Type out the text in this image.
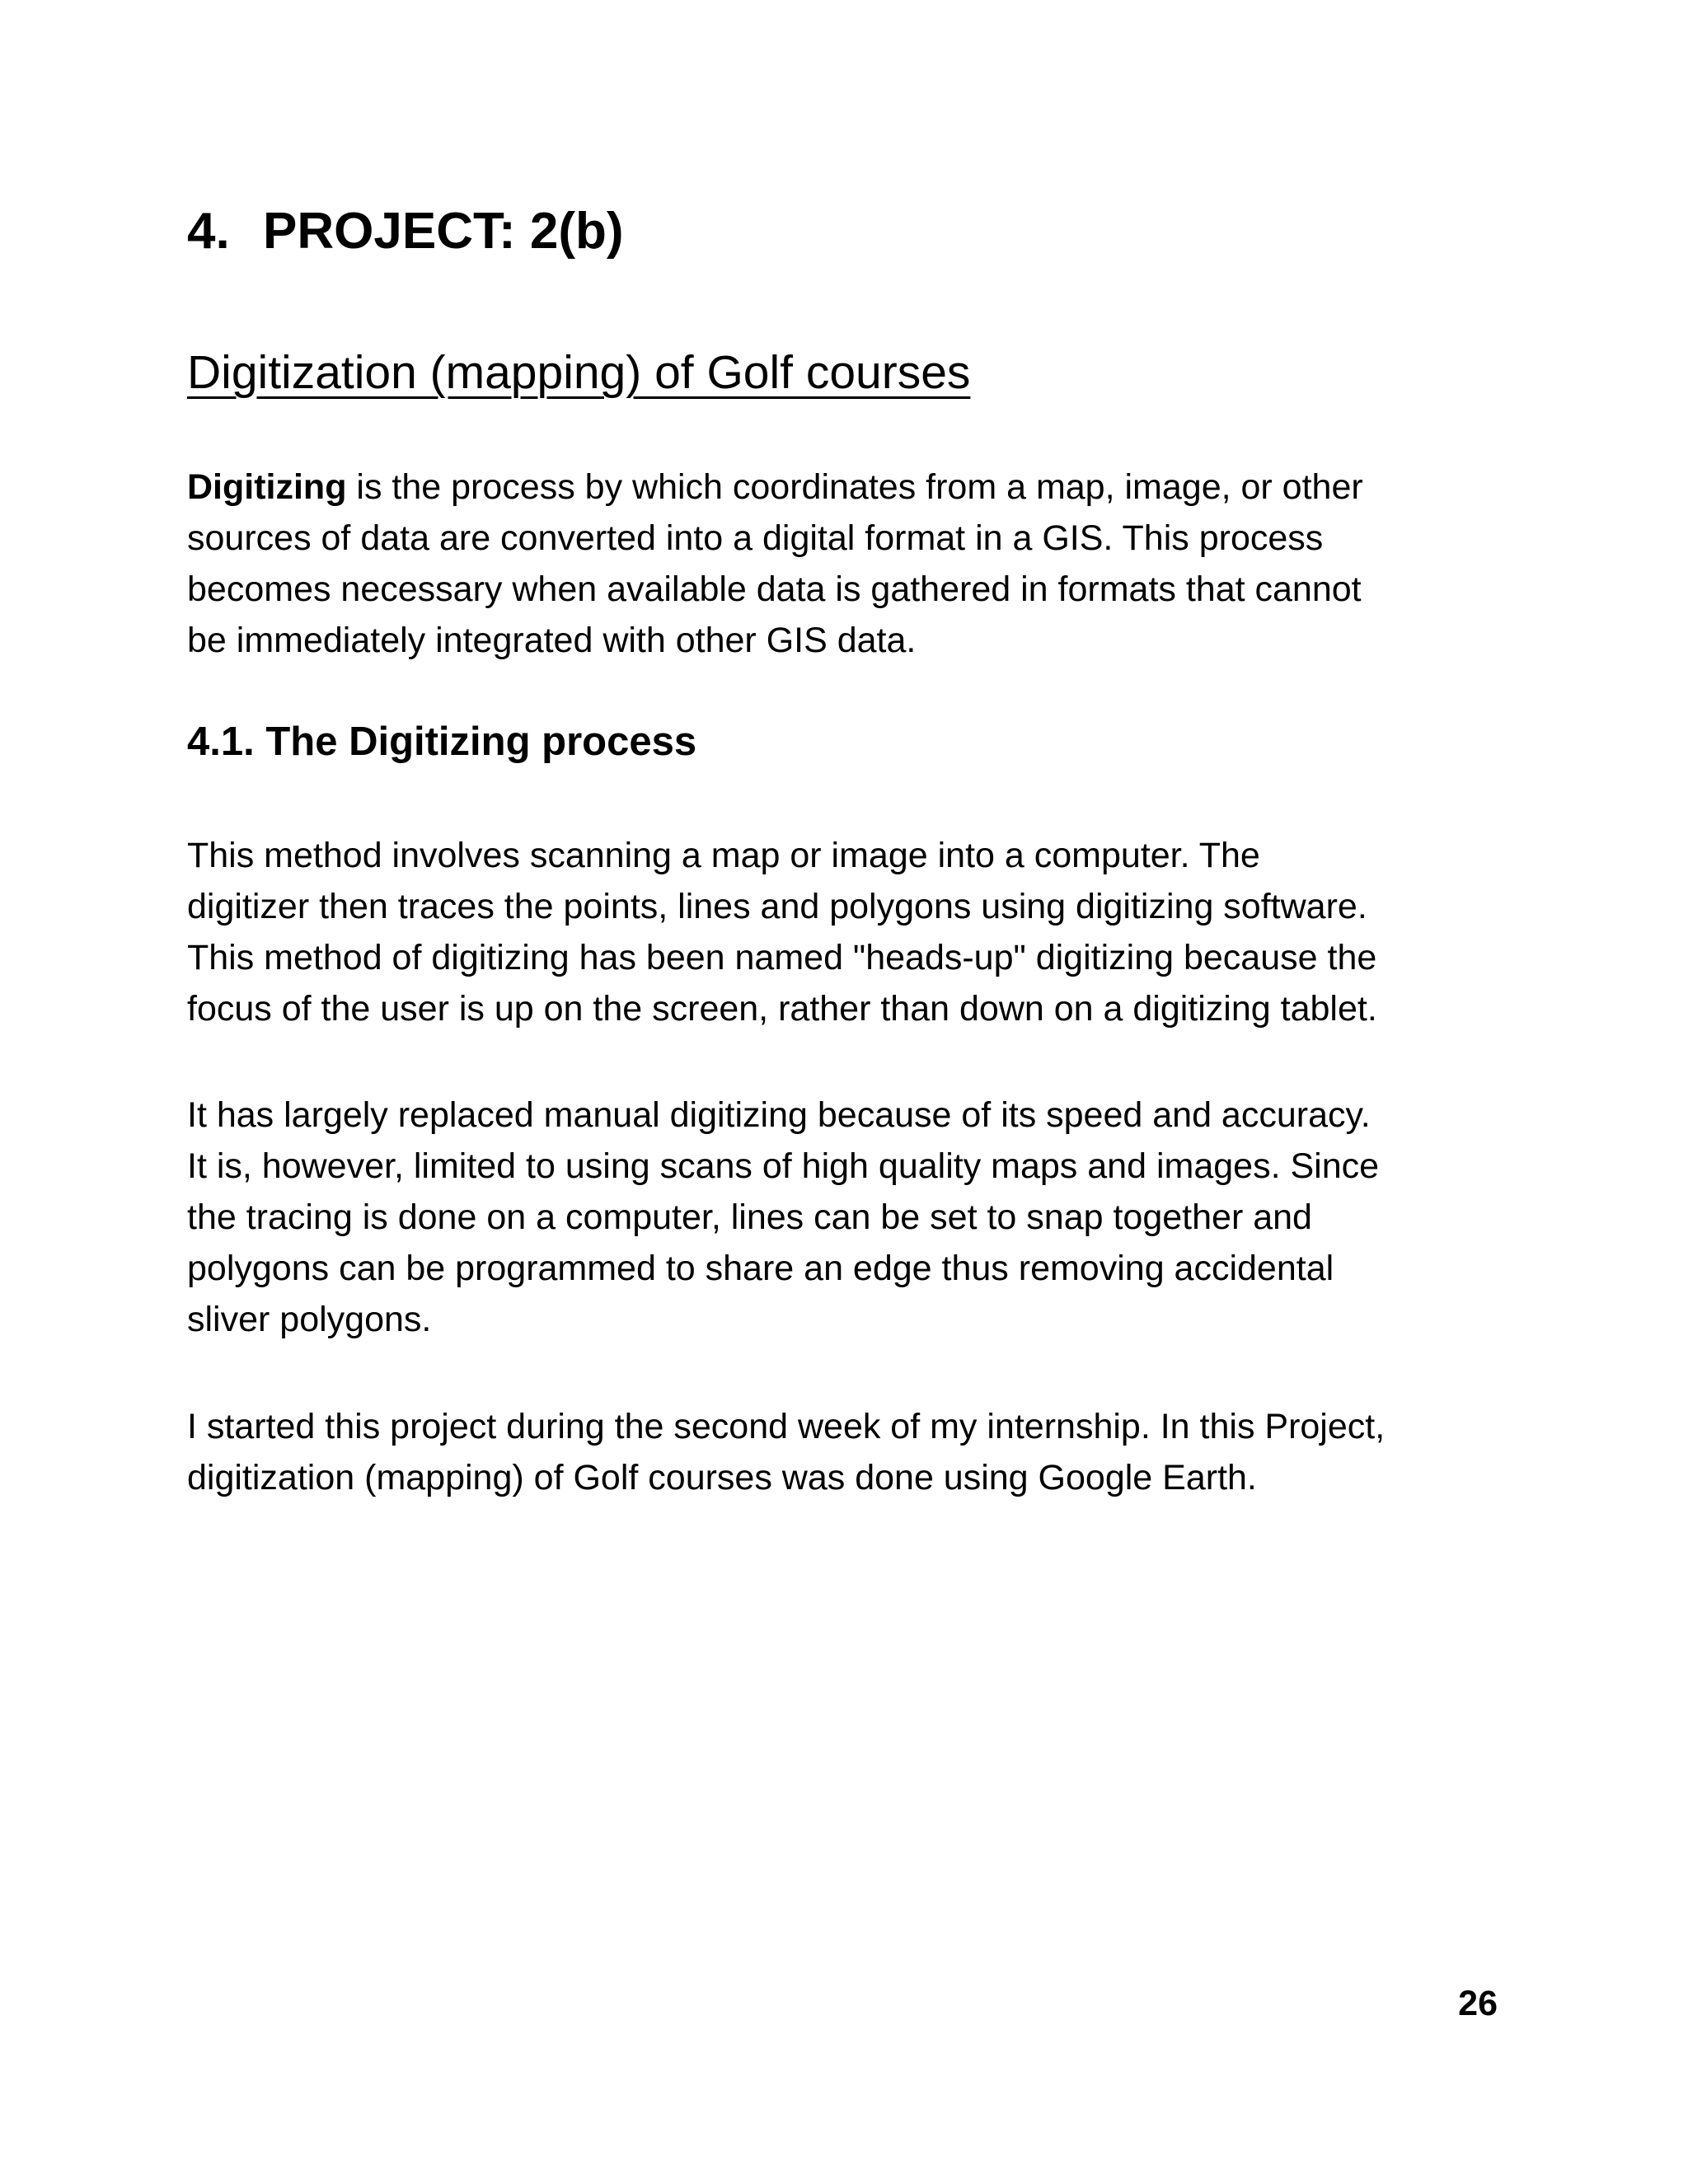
4. PROJECT: 2(b)
Digitization (mapping) of Golf courses

Digitizing is the process by which coordinates from a map, image, or other
sources of data are converted into a digital format in a GIS. This process
becomes necessary when available data is gathered in formats that cannot
be immediately integrated with other GIS data.

4.1. The Digitizing process

This method involves scanning a map or image into a computer. The
digitizer then traces the points, lines and polygons using digitizing software.
This method of digitizing has been named "heads-up" digitizing because the
focus of the user is up on the screen, rather than down on a digitizing tablet.

It has largely replaced manual digitizing because of its speed and accuracy.
It is, however, limited to using scans of high quality maps and images. Since
the tracing is done on a computer, lines can be set to snap together and
polygons can be programmed to share an edge thus removing accidental
sliver polygons.

I started this project during the second week of my internship. In this Project,
digitization (mapping) of Golf courses was done using Google Earth.

26
